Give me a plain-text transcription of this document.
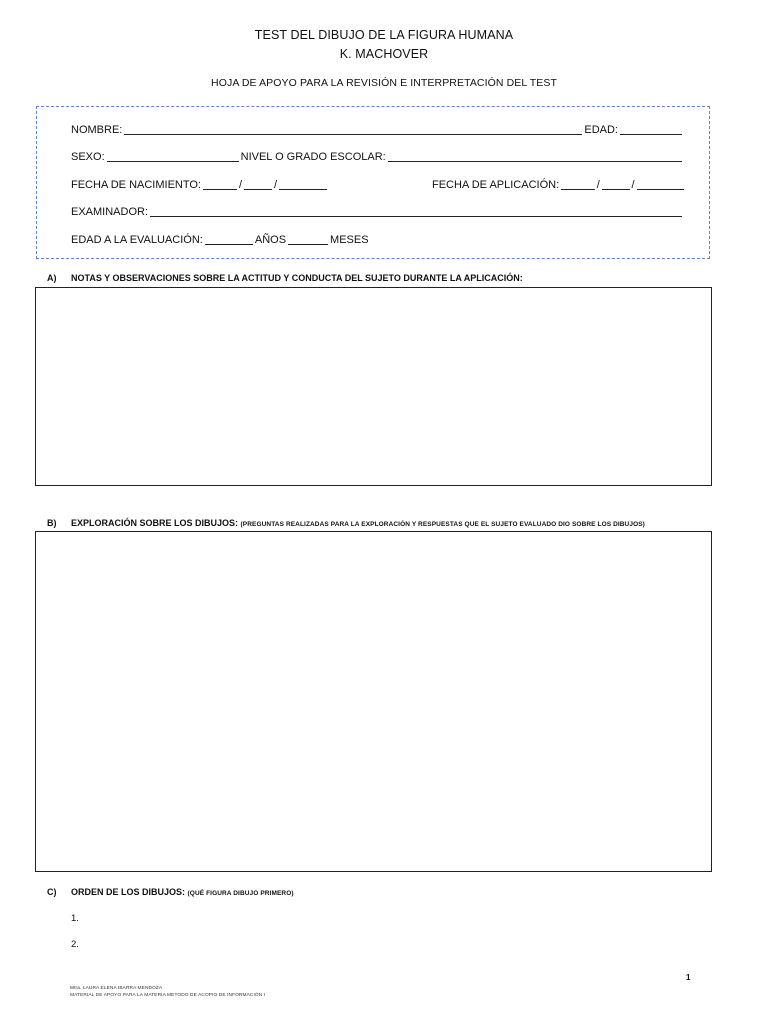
TEST DEL DIBUJO DE LA FIGURA HUMANA
K. MACHOVER
HOJA DE APOYO PARA LA REVISIÓN E INTERPRETACIÓN DEL TEST
NOMBRE:	EDAD:
SEXO:	NIVEL O GRADO ESCOLAR:
FECHA DE NACIMIENTO:	/	/	FECHA DE APLICACIÓN:	/	/
EXAMINADOR:
EDAD A LA EVALUACIÓN:	AÑOS	MESES
A) NOTAS Y OBSERVACIONES SOBRE LA ACTITUD Y CONDUCTA DEL SUJETO DURANTE LA APLICACIÓN:
B) EXPLORACIÓN SOBRE LOS DIBUJOS: (PREGUNTAS REALIZADAS PARA LA EXPLORACIÓN Y RESPUESTAS QUE EL SUJETO EVALUADO DIO SOBRE LOS DIBUJOS)
C) ORDEN DE LOS DIBUJOS: (QUÉ FIGURA DIBUJO PRIMERO)
1.
2.
1
Mtra. LAURA ELENA IBARRA MENDOZA
MATERIAL DE APOYO PARA LA MATERIA METODO DE ACOPIO DE INFORMACIÓN I
